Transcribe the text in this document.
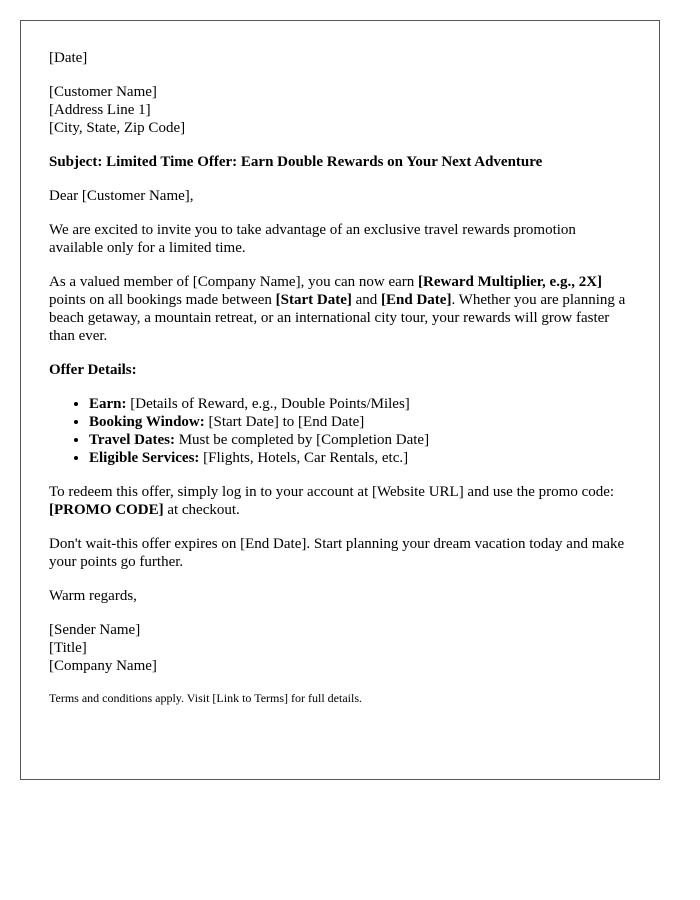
[Date]

[Customer Name]
[Address Line 1]
[City, State, Zip Code]

Subject: Limited Time Offer: Earn Double Rewards on Your Next Adventure

Dear [Customer Name],

We are excited to invite you to take advantage of an exclusive travel rewards promotion available only for a limited time.

As a valued member of [Company Name], you can now earn [Reward Multiplier, e.g., 2X] points on all bookings made between [Start Date] and [End Date]. Whether you are planning a beach getaway, a mountain retreat, or an international city tour, your rewards will grow faster than ever.

Offer Details:

• Earn: [Details of Reward, e.g., Double Points/Miles]
• Booking Window: [Start Date] to [End Date]
• Travel Dates: Must be completed by [Completion Date]
• Eligible Services: [Flights, Hotels, Car Rentals, etc.]

To redeem this offer, simply log in to your account at [Website URL] and use the promo code: [PROMO CODE] at checkout.

Don't wait-this offer expires on [End Date]. Start planning your dream vacation today and make your points go further.

Warm regards,

[Sender Name]
[Title]
[Company Name]

Terms and conditions apply. Visit [Link to Terms] for full details.
